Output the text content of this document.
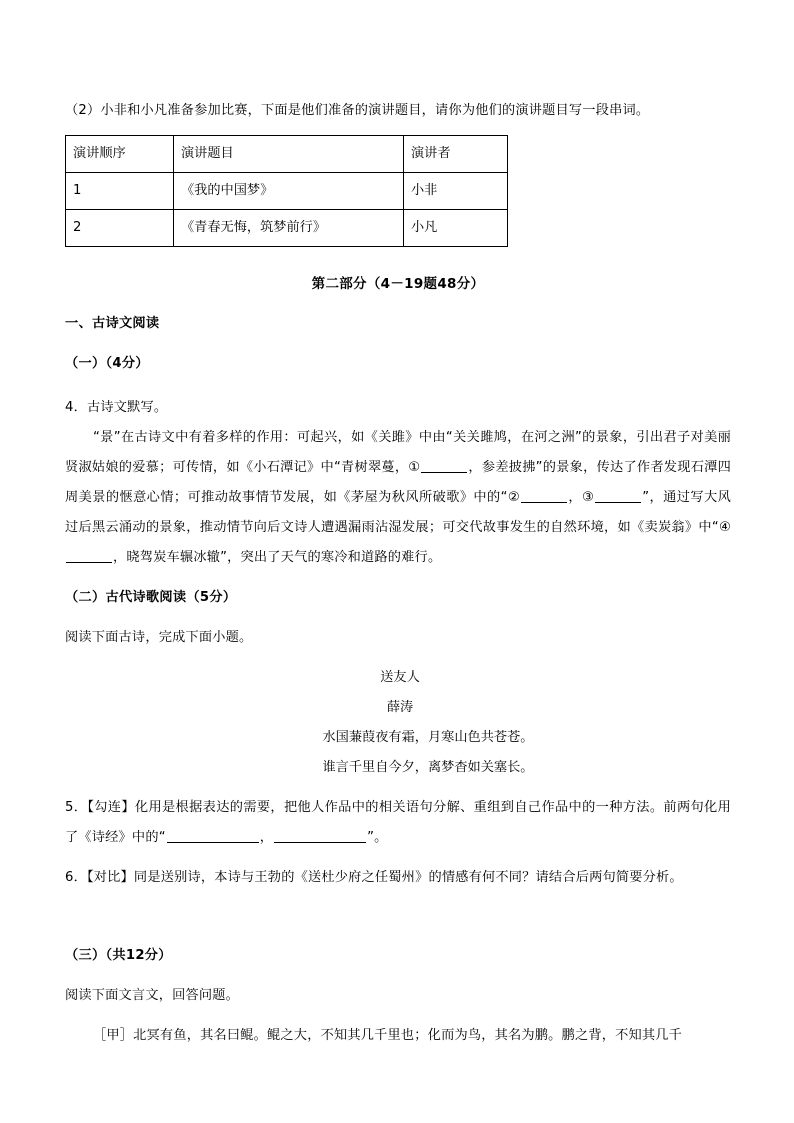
（2）小非和小凡准备参加比赛，下面是他们准备的演讲题目，请你为他们的演讲题目写一段串词。

演讲顺序	演讲题目	演讲者
1	《我的中国梦》	小非
2	《青春无悔，筑梦前行》	小凡

第二部分（4－19题48分）

一、古诗文阅读

（一）（4分）

4．古诗文默写。

“景”在古诗文中有着多样的作用：可起兴，如《关雎》中由“关关雎鸠，在河之洲”的景象，引出君子对美丽贤淑姑娘的爱慕；可传情，如《小石潭记》中“青树翠蔓，①	，参差披拂”的景象，传达了作者发现石潭四周美景的惬意心情；可推动故事情节发展，如《茅屋为秋风所破歌》中的“②	，③	”，通过写大风过后黑云涌动的景象，推动情节向后文诗人遭遇漏雨沾湿发展；可交代故事发生的自然环境，如《卖炭翁》中“④，晓驾炭车辗冰辙”，突出了天气的寒冷和道路的难行。

（二）古代诗歌阅读（5分）

阅读下面古诗，完成下面小题。

送友人

薛涛

水国蒹葭夜有霜，月寒山色共苍苍。

谁言千里自今夕，离梦杳如关塞长。

5．【勾连】化用是根据表达的需要，把他人作品中的相关语句分解、重组到自己作品中的一种方法。前两句化用了《诗经》中的“	，	”。

6．【对比】同是送别诗，本诗与王勃的《送杜少府之任蜀州》的情感有何不同？请结合后两句简要分析。

（三）（共12分）

阅读下面文言文，回答问题。

［甲］北冥有鱼，其名曰鲲。鲲之大，不知其几千里也；化而为鸟，其名为鹏。鹏之背，不知其几千
